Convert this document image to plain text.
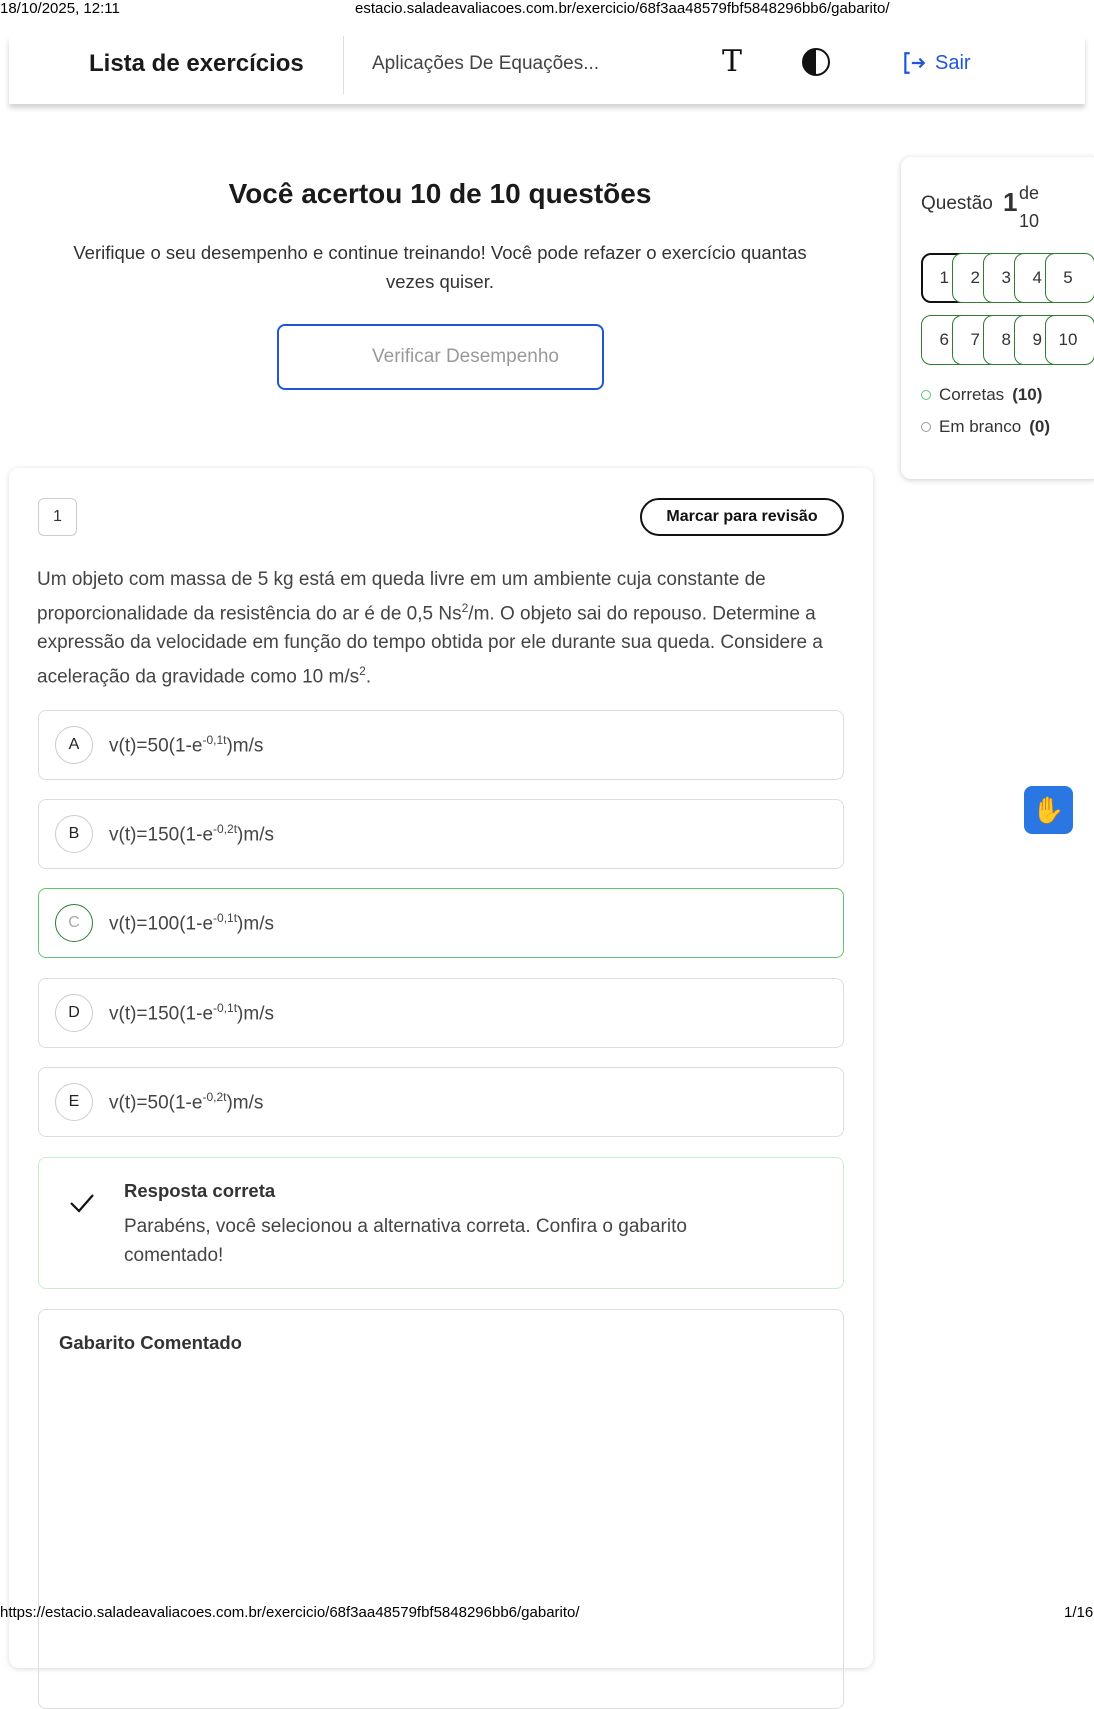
18/10/2025, 12:11	estacio.saladeavaliacoes.com.br/exercicio/68f3aa48579fbf5848296bb6/gabarito/
Lista de exercícios	Aplicações De Equações...	T	Sair
Você acertou 10 de 10 questões
Verifique o seu desempenho e continue treinando! Você pode refazer o exercício quantas vezes quiser.
Verificar Desempenho
Questão 1 de
10
1	2	3	4	5
6	7	8	9 10
Corretas (10)
Em branco (0)
1	Marcar para revisão
Um objeto com massa de 5 kg está em queda livre em um ambiente cuja constante de proporcionalidade da resistência do ar é de 0,5 Ns$^2$/m. O objeto sai do repouso. Determine a expressão da velocidade em função do tempo obtida por ele durante sua queda. Considere a aceleração da gravidade como 10 $m/s^2$.
A	$v(t)=50(1-e^{-0,1t})m/s$
B	$v(t)=150(1-e^{-0,2t})m/s$
C	$v(t)=100(1-e^{-0,1t})m/s$
D	$v(t)=150(1-e^{-0,1t})m/s$
E	$v(t)=50(1-e^{-0,2t})m/s$
Resposta correta
Parabéns, você selecionou a alternativa correta. Confira o gabarito comentado!
Gabarito Comentado
✋
https://estacio.saladeavaliacoes.com.br/exercicio/68f3aa48579fbf5848296bb6/gabarito/	1/16
